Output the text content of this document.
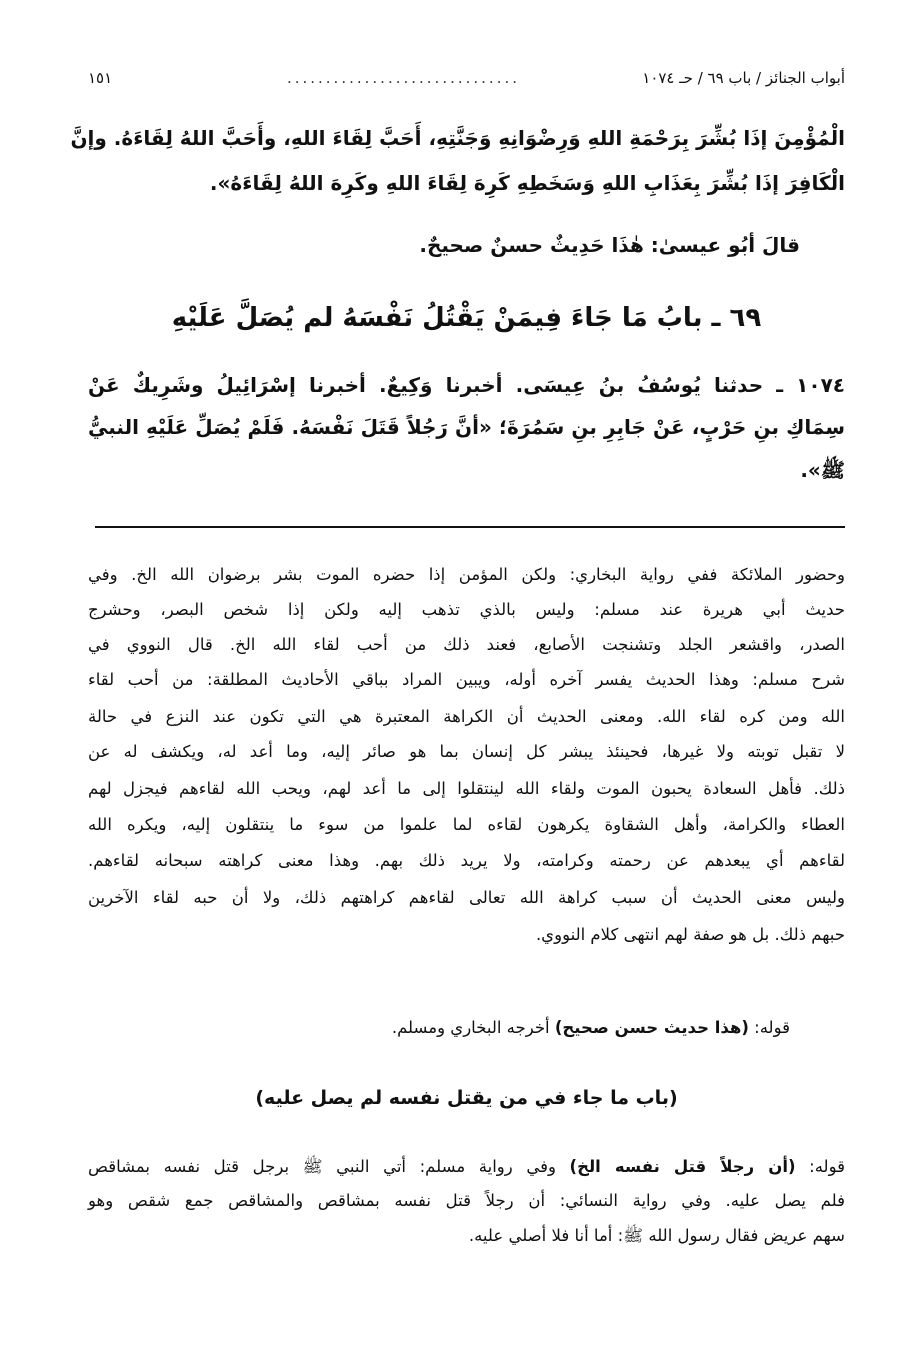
أبواب الجنائز / باب ٦٩ / حـ ١٠٧٤
..............................
١٥١
الْمُؤْمِنَ إذَا بُشِّرَ بِرَحْمَةِ اللهِ وَرِضْوَانِهِ وَجَنَّتِهِ، أَحَبَّ لِقَاءَ اللهِ، وأَحَبَّ اللهُ لِقَاءَهُ. وإنَّ
الْكَافِرَ إذَا بُشِّرَ بِعَذَابِ اللهِ وَسَخَطِهِ كَرِهَ لِقَاءَ اللهِ وكَرِهَ اللهُ لِقَاءَهُ».
قالَ أبُو عيسىٰ: هٰذَا حَدِيثٌ حسنٌ صحيحٌ.
٦٩ ـ بابُ مَا جَاءَ فِيمَنْ يَقْتُلُ نَفْسَهُ لم يُصَلَّ عَلَيْهِ
١٠٧٤ ـ حدثنا يُوسُفُ بنُ عِيسَى. أخبرنا وَكِيعٌ. أخبرنا إسْرَائِيلُ وشَرِيكٌ عَنْ
سِمَاكِ بنِ حَرْبٍ، عَنْ جَابِرِ بنِ سَمُرَةَ؛ «أنَّ رَجُلاً قَتَلَ نَفْسَهُ. فَلَمْ يُصَلِّ عَلَيْهِ النبيُّ
ﷺ».
وحضور الملائكة ففي رواية البخاري: ولكن المؤمن إذا حضره الموت بشر برضوان الله الخ. وفي
حديث أبي هريرة عند مسلم: وليس بالذي تذهب إليه ولكن إذا شخص البصر، وحشرج
الصدر، واقشعر الجلد وتشنجت الأصابع، فعند ذلك من أحب لقاء الله الخ. قال النووي في
شرح مسلم: وهذا الحديث يفسر آخره أوله، ويبين المراد بباقي الأحاديث المطلقة: من أحب لقاء
الله ومن كره لقاء الله. ومعنى الحديث أن الكراهة المعتبرة هي التي تكون عند النزع في حالة
لا تقبل توبته ولا غيرها، فحينئذ يبشر كل إنسان بما هو صائر إليه، وما أعد له، ويكشف له عن
ذلك. فأهل السعادة يحبون الموت ولقاء الله لينتقلوا إلى ما أعد لهم، ويحب الله لقاءهم فيجزل لهم
العطاء والكرامة، وأهل الشقاوة يكرهون لقاءه لما علموا من سوء ما ينتقلون إليه، ويكره الله
لقاءهم أي يبعدهم عن رحمته وكرامته، ولا يريد ذلك بهم. وهذا معنى كراهته سبحانه لقاءهم.
وليس معنى الحديث أن سبب كراهة الله تعالى لقاءهم كراهتهم ذلك، ولا أن حبه لقاء الآخرين
حبهم ذلك. بل هو صفة لهم انتهى كلام النووي.
قوله: (هذا حديث حسن صحيح) أخرجه البخاري ومسلم.
(باب ما جاء في من يقتل نفسه لم يصل عليه)
قوله: (أن رجلاً قتل نفسه الخ) وفي رواية مسلم: أتي النبي ﷺ برجل قتل نفسه بمشاقص
فلم يصل عليه. وفي رواية النسائي: أن رجلاً قتل نفسه بمشاقص والمشاقص جمع شقص وهو
سهم عريض فقال رسول الله ﷺ: أما أنا فلا أصلي عليه.
